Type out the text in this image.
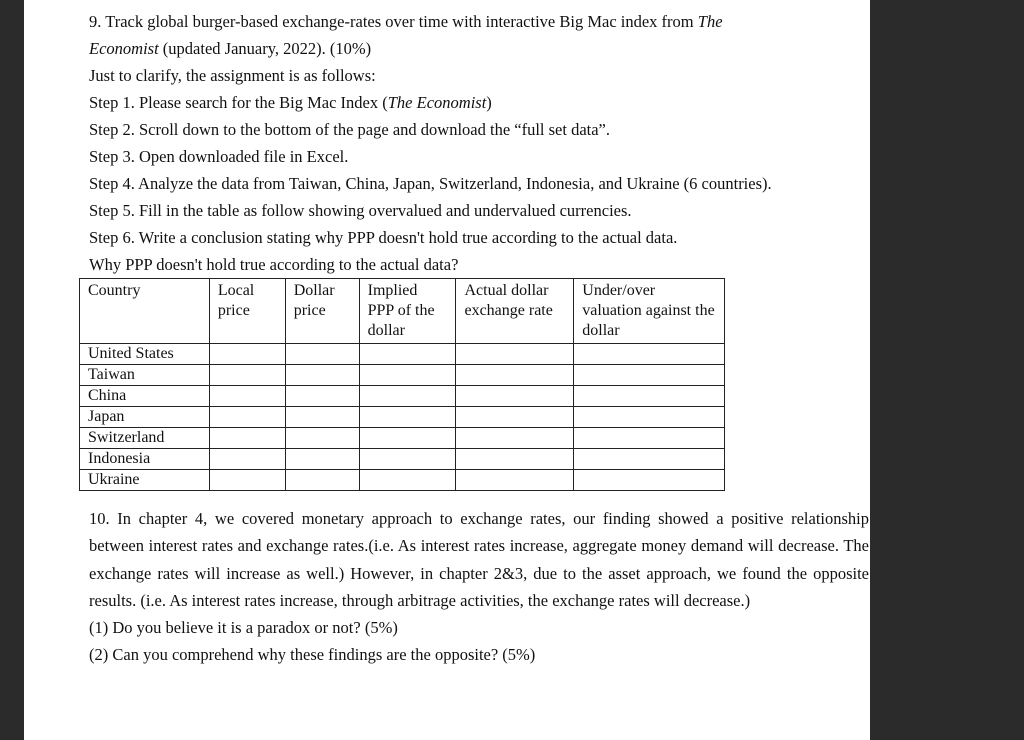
9. Track global burger-based exchange-rates over time with interactive Big Mac index from The
Economist (updated January, 2022). (10%)
Just to clarify, the assignment is as follows:
Step 1. Please search for the Big Mac Index (The Economist)
Step 2. Scroll down to the bottom of the page and download the “full set data”.
Step 3. Open downloaded file in Excel.
Step 4. Analyze the data from Taiwan, China, Japan, Switzerland, Indonesia, and Ukraine (6 countries).
Step 5. Fill in the table as follow showing overvalued and undervalued currencies.
Step 6. Write a conclusion stating why PPP doesn't hold true according to the actual data.
Why PPP doesn't hold true according to the actual data?
Country	Local price	Dollar price	Implied PPP of the dollar	Actual dollar exchange rate	Under/over valuation against the dollar
United States					
Taiwan					
China					
Japan					
Switzerland					
Indonesia					
Ukraine					
10. In chapter 4, we covered monetary approach to exchange rates, our finding showed a positive relationship between interest rates and exchange rates.(i.e. As interest rates increase, aggregate money demand will decrease. The exchange rates will increase as well.) However, in chapter 2&3, due to the asset approach, we found the opposite results. (i.e. As interest rates increase, through arbitrage activities, the exchange rates will decrease.)
(1) Do you believe it is a paradox or not? (5%)
(2) Can you comprehend why these findings are the opposite? (5%)
